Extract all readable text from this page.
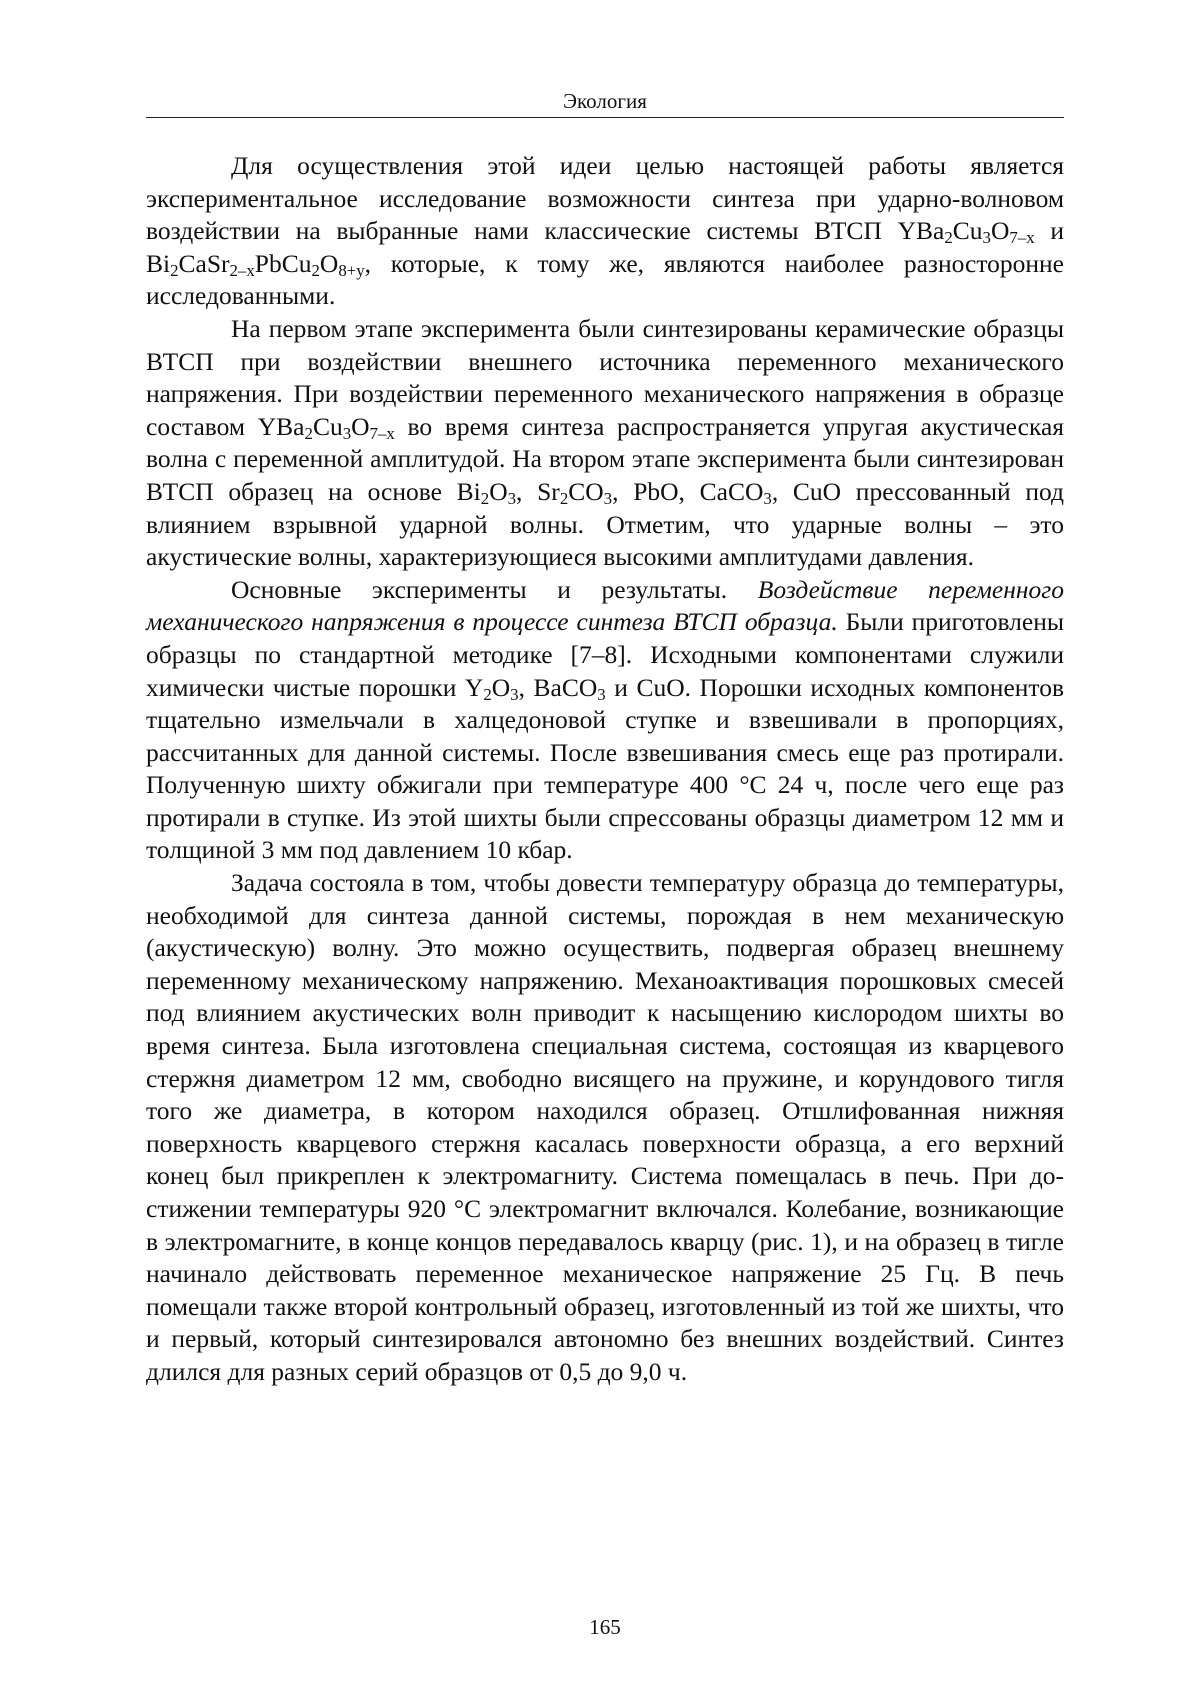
Экология

Для осуществления этой идеи целью настоящей работы является экспериментальное исследование возможности синтеза при ударно-волновом воздействии на выбранные нами классические системы ВТСП $YBa_2Cu_3O_{7-x}$ и $Bi_2CaSr_{2-x}PbCu_2O_{8+y}$, которые, к тому же, являются наиболее разносторонне исследованными.

На первом этапе эксперимента были синтезированы керамические образцы ВТСП при воздействии внешнего источника переменного механического напряжения. При воздействии переменного механического напряжения в образце составом $YBa_2Cu_3O_{7-x}$ во время синтеза распространяется упругая акустическая волна с переменной амплитудой. На втором этапе эксперимента были синтезирован ВТСП образец на основе $Bi_2O_3$, $Sr_2CO_3$, PbO, CaCO$_3$, CuO прессованный под влиянием взрывной ударной волны. Отметим, что ударные волны – это акустические волны, характеризующиеся высокими амплитудами давления.

Основные эксперименты и результаты. Воздействие переменного механического напряжения в процессе синтеза ВТСП образца. Были приготовлены образцы по стандартной методике [7–8]. Исходными компонентами служили химически чистые порошки $Y_2O_3$, BaCO$_3$ и CuO. Порошки исходных компонентов тщательно измельчали в халцедоновой ступке и взвешивали в пропорциях, рассчитанных для данной системы. После взвешивания смесь еще раз протирали. Полученную шихту обжигали при температуре 400 °С 24 ч, после чего еще раз протирали в ступке. Из этой шихты были спрессованы образцы диаметром 12 мм и толщиной 3 мм под давлением 10 кбар.

Задача состояла в том, чтобы довести температуру образца до температуры, необходимой для синтеза данной системы, порождая в нем механическую (акустическую) волну. Это можно осуществить, подвергая образец внешнему переменному механическому напряжению. Механоактивация порошковых смесей под влиянием акустических волн приводит к насыщению кислородом шихты во время синтеза. Была изготовлена специальная система, состоящая из кварцевого стержня диаметром 12 мм, свободно висящего на пружине, и корундового тигля того же диаметра, в котором находился образец. Отшлифованная нижняя поверхность кварцевого стержня касалась поверхности образца, а его верхний конец был прикреплен к электромагниту. Система помещалась в печь. При достижении температуры 920 °С электромагнит включался. Колебание, возникающие в электромагните, в конце концов передавалось кварцу (рис. 1), и на образец в тигле начинало действовать переменное механическое напряжение 25 Гц. В печь помещали также второй контрольный образец, изготовленный из той же шихты, что и первый, который синтезировался автономно без внешних воздействий. Синтез длился для разных серий образцов от 0,5 до 9,0 ч.

165
